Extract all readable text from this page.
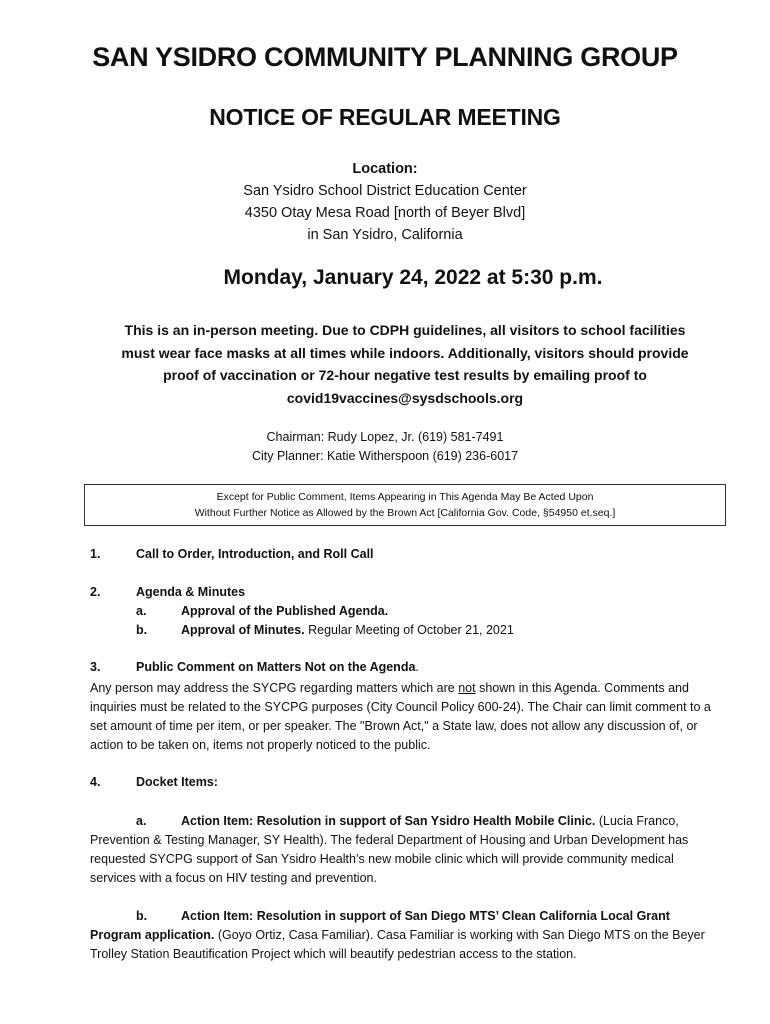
SAN YSIDRO COMMUNITY PLANNING GROUP
NOTICE OF REGULAR MEETING
Location:
San Ysidro School District Education Center
4350 Otay Mesa Road [north of Beyer Blvd]
in San Ysidro, California
Monday, January 24, 2022 at 5:30 p.m.
This is an in-person meeting. Due to CDPH guidelines, all visitors to school facilities
must wear face masks at all times while indoors. Additionally, visitors should provide
proof of vaccination or 72-hour negative test results by emailing proof to
covid19vaccines@sysdschools.org
Chairman: Rudy Lopez, Jr. (619) 581-7491
City Planner: Katie Witherspoon (619) 236-6017
Except for Public Comment, Items Appearing in This Agenda May Be Acted Upon
Without Further Notice as Allowed by the Brown Act [California Gov. Code, §54950 et.seq.]
1.	Call to Order, Introduction, and Roll Call
2.	Agenda & Minutes
a.	Approval of the Published Agenda.
b.	Approval of Minutes. Regular Meeting of October 21, 2021
3.	Public Comment on Matters Not on the Agenda.

Any person may address the SYCPG regarding matters which are not shown in this Agenda. Comments and inquiries must be related to the SYCPG purposes (City Council Policy 600-24). The Chair can limit comment to a set amount of time per item, or per speaker. The "Brown Act," a State law, does not allow any discussion of, or action to be taken on, items not properly noticed to the public.

4.	Docket Items:

a.	Action Item: Resolution in support of San Ysidro Health Mobile Clinic. (Lucia Franco, Prevention & Testing Manager, SY Health). The federal Department of Housing and Urban Development has requested SYCPG support of San Ysidro Health’s new mobile clinic which will provide community medical services with a focus on HIV testing and prevention.

b.	Action Item: Resolution in support of San Diego MTS’ Clean California Local Grant Program application. (Goyo Ortiz, Casa Familiar). Casa Familiar is working with San Diego MTS on the Beyer Trolley Station Beautification Project which will beautify pedestrian access to the station.
